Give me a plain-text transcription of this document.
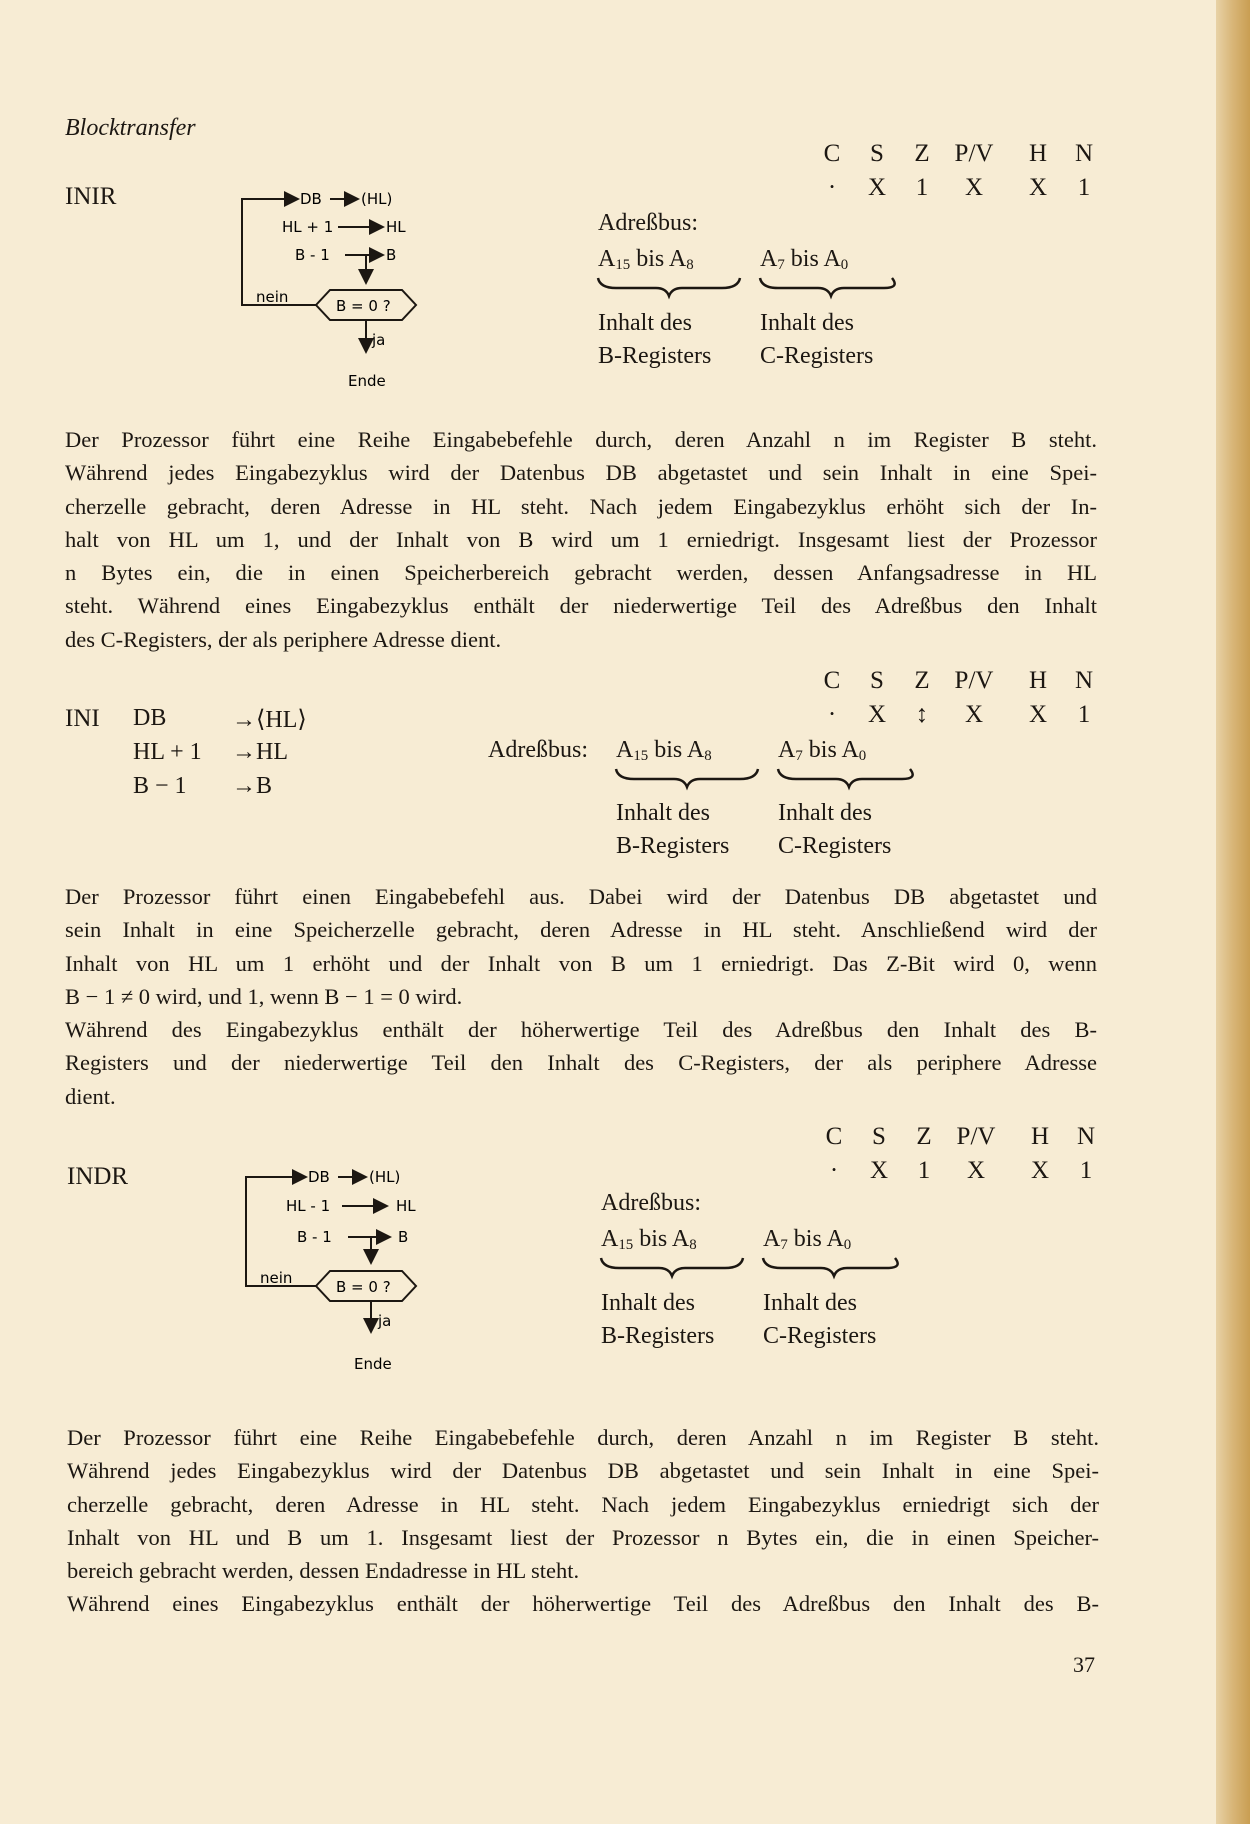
Blocktransfer
INIR
C	S	Z P/V	H	N
·	X	1	X	X	1
DB	(HL)
HL + 1	HL
B - 1	B
B = 0 ?
nein
ja
Ende
Adreßbus:
$A_{15}$ bis $A_8$	$A_7$ bis $A_0$
Inhalt des
B-Registers
Inhalt des
C-Registers
Der Prozessor führt eine Reihe Eingabebefehle durch, deren Anzahl n im Register B steht.
Während jedes Eingabezyklus wird der Datenbus DB abgetastet und sein Inhalt in eine Spei-
cherzelle gebracht, deren Adresse in HL steht. Nach jedem Eingabezyklus erhöht sich der In-
halt von HL um 1, und der Inhalt von B wird um 1 erniedrigt. Insgesamt liest der Prozessor
n Bytes ein, die in einen Speicherbereich gebracht werden, dessen Anfangsadresse in HL
steht. Während eines Eingabezyklus enthält der niederwertige Teil des Adreßbus den Inhalt
des C-Registers, der als periphere Adresse dient.
C	S	Z P/V	H	N
·	X	↕	X	X	1
INI DB	→⟨HL⟩
HL + 1 →HL
B − 1 →B
Adreßbus: $A_{15}$ bis $A_8$	$A_7$ bis $A_0$
Inhalt des
B-Registers
Inhalt des
C-Registers
Der Prozessor führt einen Eingabebefehl aus. Dabei wird der Datenbus DB abgetastet und
sein Inhalt in eine Speicherzelle gebracht, deren Adresse in HL steht. Anschließend wird der
Inhalt von HL um 1 erhöht und der Inhalt von B um 1 erniedrigt. Das Z-Bit wird 0, wenn
B − 1 ≠ 0 wird, und 1, wenn B − 1 = 0 wird.
Während des Eingabezyklus enthält der höherwertige Teil des Adreßbus den Inhalt des B-
Registers und der niederwertige Teil den Inhalt des C-Registers, der als periphere Adresse
dient.
C	S	Z P/V	H	N
·	X	1	X	X	1
INDR	DB	(HL)
HL - 1	HL
B - 1	B
B = 0 ?
nein
ja
Ende
Adreßbus:
$A_{15}$ bis $A_8$	$A_7$ bis $A_0$
Inhalt des
B-Registers
Inhalt des
C-Registers
Der Prozessor führt eine Reihe Eingabebefehle durch, deren Anzahl n im Register B steht.
Während jedes Eingabezyklus wird der Datenbus DB abgetastet und sein Inhalt in eine Spei-
cherzelle gebracht, deren Adresse in HL steht. Nach jedem Eingabezyklus erniedrigt sich der
Inhalt von HL und B um 1. Insgesamt liest der Prozessor n Bytes ein, die in einen Speicher-
bereich gebracht werden, dessen Endadresse in HL steht.
Während eines Eingabezyklus enthält der höherwertige Teil des Adreßbus den Inhalt des B-
37
